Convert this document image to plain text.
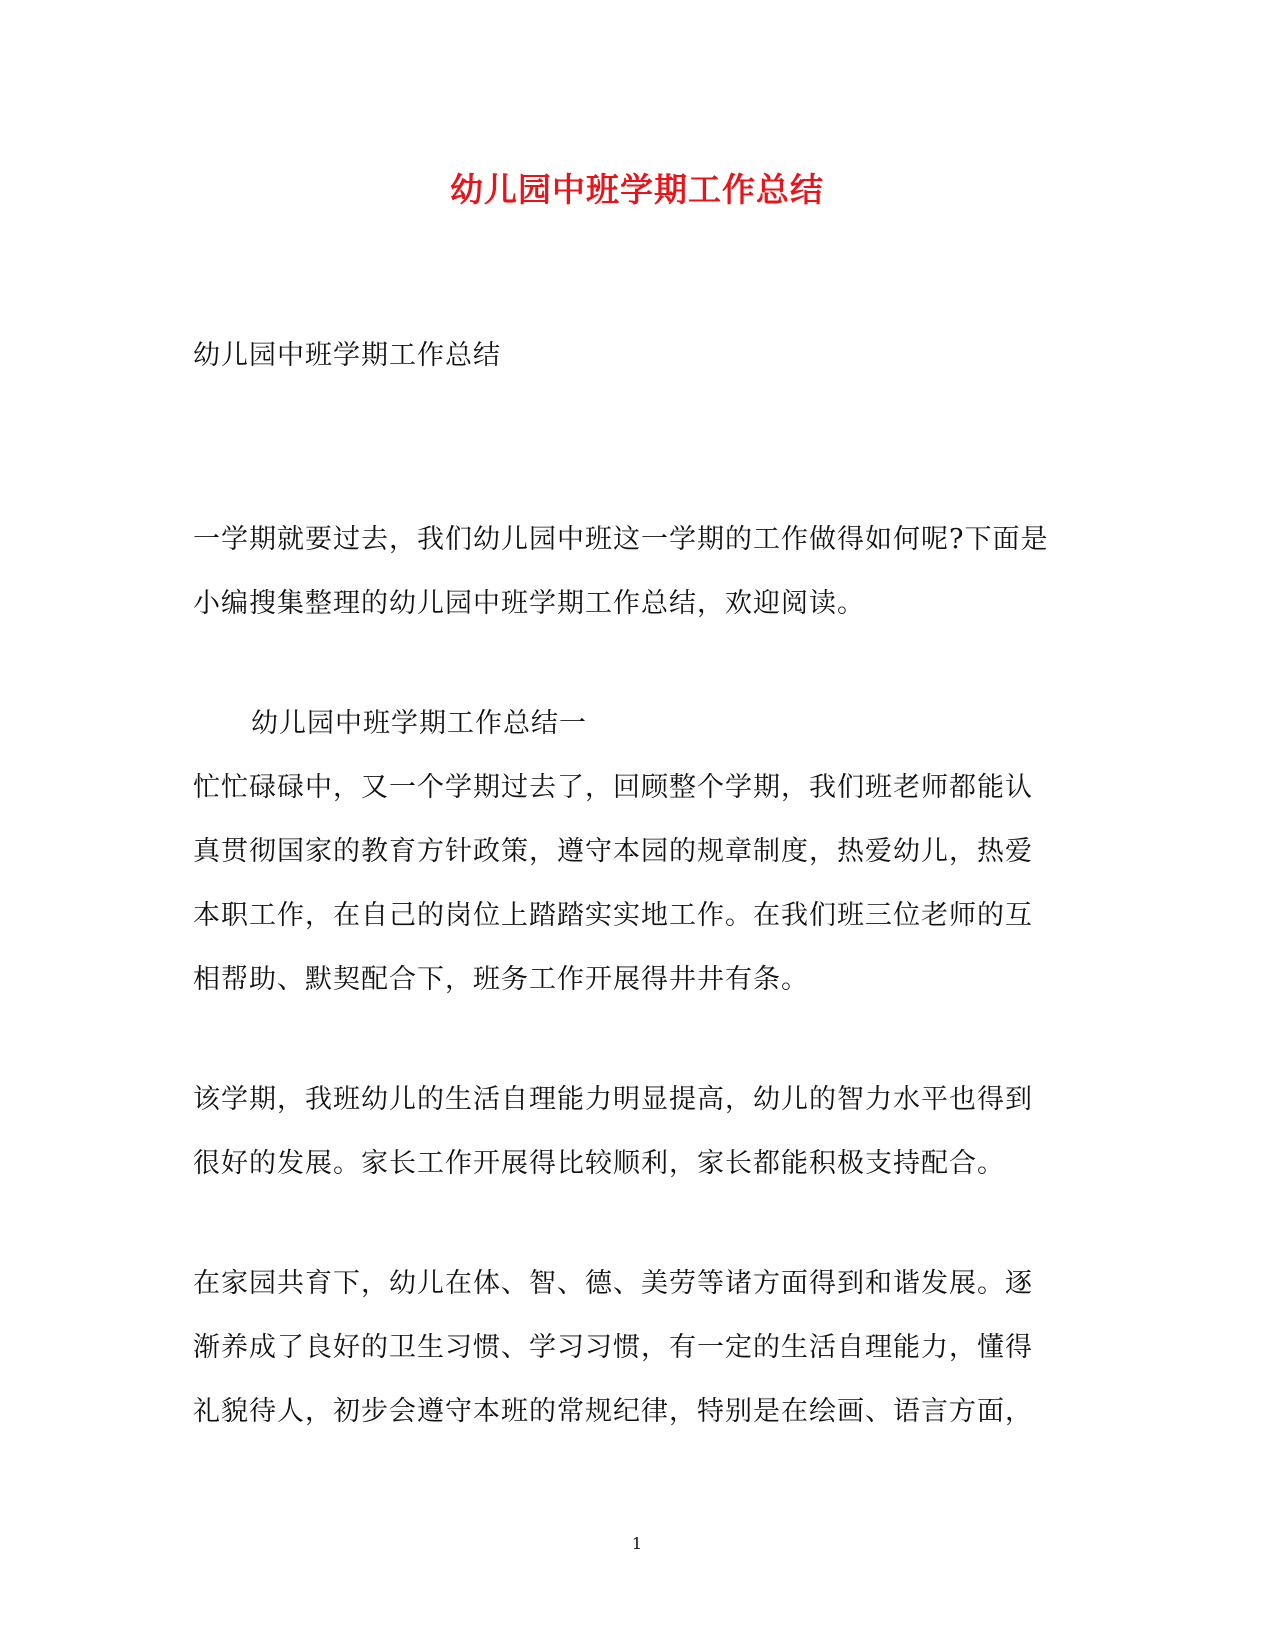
幼儿园中班学期工作总结
幼儿园中班学期工作总结
一学期就要过去，我们幼儿园中班这一学期的工作做得如何呢?下面是
小编搜集整理的幼儿园中班学期工作总结，欢迎阅读。
幼儿园中班学期工作总结一
忙忙碌碌中，又一个学期过去了，回顾整个学期，我们班老师都能认
真贯彻国家的教育方针政策，遵守本园的规章制度，热爱幼儿，热爱
本职工作，在自己的岗位上踏踏实实地工作。在我们班三位老师的互
相帮助、默契配合下，班务工作开展得井井有条。
该学期，我班幼儿的生活自理能力明显提高，幼儿的智力水平也得到
很好的发展。家长工作开展得比较顺利，家长都能积极支持配合。
在家园共育下，幼儿在体、智、德、美劳等诸方面得到和谐发展。逐
渐养成了良好的卫生习惯、学习习惯，有一定的生活自理能力，懂得
礼貌待人，初步会遵守本班的常规纪律，特别是在绘画、语言方面，
1
